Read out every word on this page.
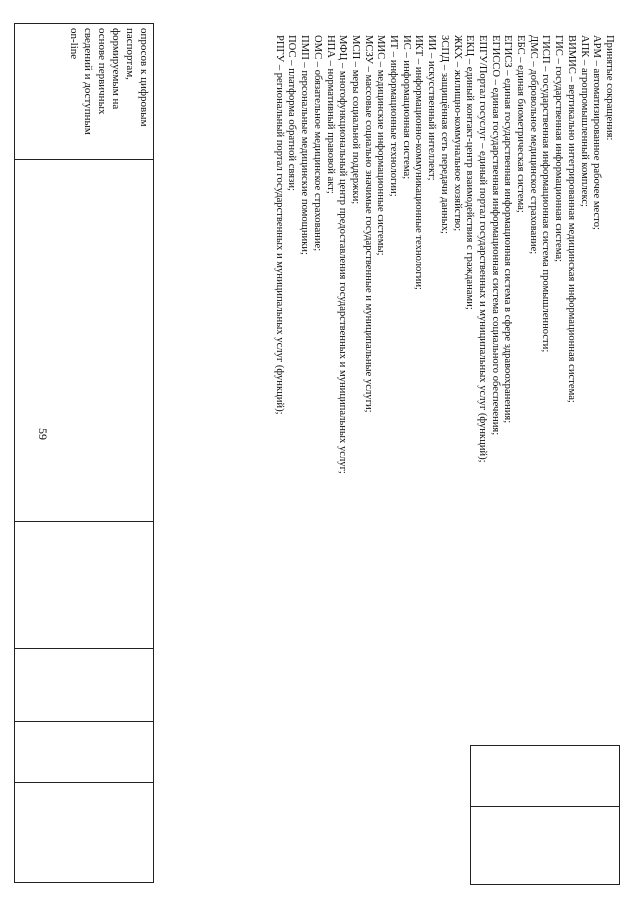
59
опросов к цифровым
паспортам,
формируемым на
основе первичных
сведений и доступным
on-line
						Принятые сокращения:
АРМ – автоматизированное рабочее место;
АПК – агропромышленный комплекс;
ВИМИС – вертикально интегрированная медицинская информационная система;
ГИС – государственная информационная система;
ГИСП – государственная информационная система промышленности;
ДМС – добровольное медицинское страхование;
ЕБС – единая биометрическая система;
ЕГИСЗ – единая государственная информационная система в сфере здравоохранения;
ЕГИССО – единая государственная информационная система социального обеспечения;
ЕПГУ/Портал госуслуг – единый портал государственных и муниципальных услуг (функций);
ЕКЦ – единый контакт-центр взаимодействия с гражданами;
ЖКХ – жилищно-коммунальное хозяйство;
ЗСПД – защищённая сеть передачи данных;
ИИ – искусственный интеллект;
ИКТ – информационно-коммуникационные технологии;
ИС – информационная система;
ИТ – информационные технологии;
МИС – медицинские информационные системы;
МСЗУ – массовые социально значимые государственные и муниципальные услуги;
МСП – меры социальной поддержки;
МФЦ – многофункциональный центр предоставления государственных и муниципальных услуг;
НПА – нормативный правовой акт;
ОМС – обязательное медицинское страхование;
ПМП – персональные медицинские помощники;
ПОС – платформа обратной связи;
РПГУ – региональный портал государственных и муниципальных услуг (функций);
